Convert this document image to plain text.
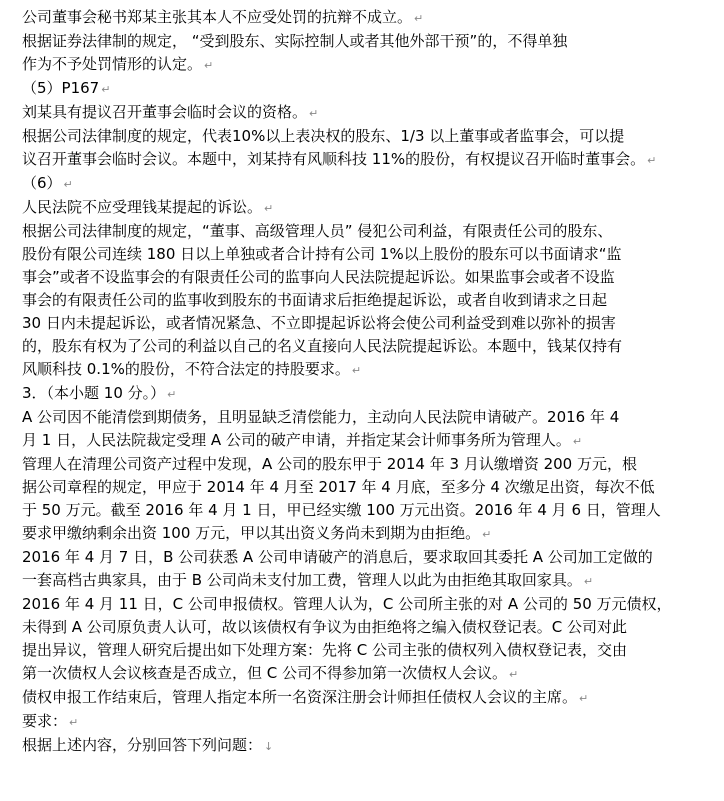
公司董事会秘书郑某主张其本人不应受处罚的抗辩不成立。 ↵
根据证券法律制的规定， “受到股东、实际控制人或者其他外部干预”的，不得单独
作为不予处罚情形的认定。 ↵
（5）P167 ↵
刘某具有提议召开董事会临时会议的资格。 ↵
根据公司法律制度的规定，代表10%以上表决权的股东、1/3 以上董事或者监事会，可以提
议召开董事会临时会议。本题中，刘某持有风顺科技 11%的股份，有权提议召开临时董事会。 ↵
（6） ↵
人民法院不应受理钱某提起的诉讼。 ↵
根据公司法律制度的规定，“董事、高级管理人员” 侵犯公司利益，有限责任公司的股东、
股份有限公司连续 180 日以上单独或者合计持有公司 1%以上股份的股东可以书面请求“监
事会”或者不设监事会的有限责任公司的监事向人民法院提起诉讼。如果监事会或者不设监
事会的有限责任公司的监事收到股东的书面请求后拒绝提起诉讼，或者自收到请求之日起
30 日内未提起诉讼，或者情况紧急、不立即提起诉讼将会使公司利益受到难以弥补的损害
的，股东有权为了公司的利益以自己的名义直接向人民法院提起诉讼。本题中，钱某仅持有
风顺科技 0.1%的股份，不符合法定的持股要求。 ↵
3．（本小题 10 分。） ↵
A 公司因不能清偿到期债务，且明显缺乏清偿能力，主动向人民法院申请破产。2016 年 4
月 1 日，人民法院裁定受理 A 公司的破产申请，并指定某会计师事务所为管理人。 ↵
管理人在清理公司资产过程中发现，A 公司的股东甲于 2014 年 3 月认缴增资 200 万元，根
据公司章程的规定，甲应于 2014 年 4 月至 2017 年 4 月底，至多分 4 次缴足出资，每次不低
于 50 万元。截至 2016 年 4 月 1 日，甲已经实缴 100 万元出资。2016 年 4 月 6 日，管理人
要求甲缴纳剩余出资 100 万元，甲以其出资义务尚未到期为由拒绝。 ↵
2016 年 4 月 7 日，B 公司获悉 A 公司申请破产的消息后，要求取回其委托 A 公司加工定做的
一套高档古典家具，由于 B 公司尚未支付加工费，管理人以此为由拒绝其取回家具。 ↵
2016 年 4 月 11 日，C 公司申报债权。管理人认为，C 公司所主张的对 A 公司的 50 万元债权，
未得到 A 公司原负责人认可，故以该债权有争议为由拒绝将之编入债权登记表。C 公司对此
提出异议，管理人研究后提出如下处理方案：先将 C 公司主张的债权列入债权登记表，交由
第一次债权人会议核查是否成立，但 C 公司不得参加第一次债权人会议。 ↵
债权申报工作结束后，管理人指定本所一名资深注册会计师担任债权人会议的主席。 ↵
要求： ↵
根据上述内容，分别回答下列问题： ↓
